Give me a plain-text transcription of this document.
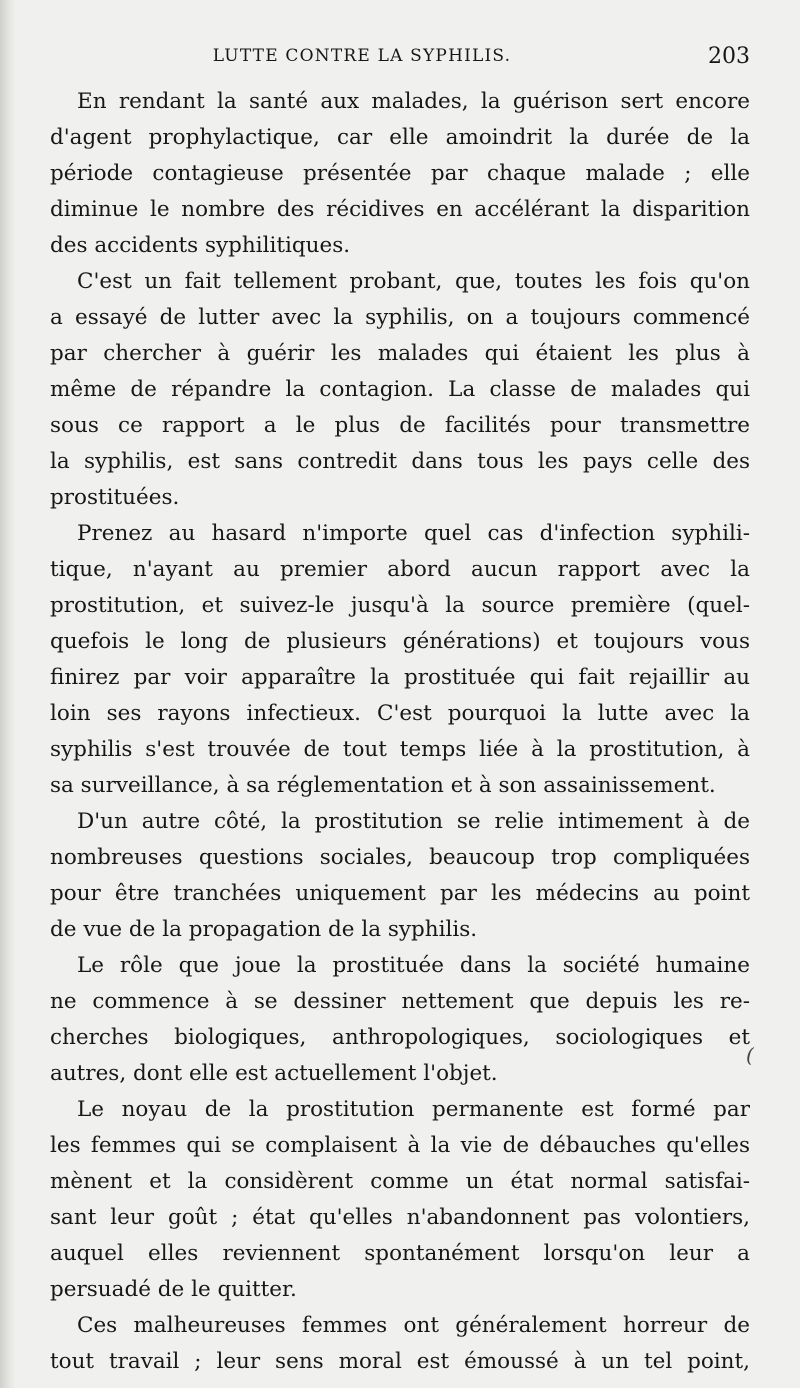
LUTTE CONTRE LA SYPHILIS.	203
En rendant la santé aux malades, la guérison sert encore
d'agent prophylactique, car elle amoindrit la durée de la
période contagieuse présentée par chaque malade ; elle
diminue le nombre des récidives en accélérant la disparition
des accidents syphilitiques.
C'est un fait tellement probant, que, toutes les fois qu'on
a essayé de lutter avec la syphilis, on a toujours commencé
par chercher à guérir les malades qui étaient les plus à
même de répandre la contagion. La classe de malades qui
sous ce rapport a le plus de facilités pour transmettre
la syphilis, est sans contredit dans tous les pays celle des
prostituées.
Prenez au hasard n'importe quel cas d'infection syphili-
tique, n'ayant au premier abord aucun rapport avec la
prostitution, et suivez-le jusqu'à la source première (quel-
quefois le long de plusieurs générations) et toujours vous
finirez par voir apparaître la prostituée qui fait rejaillir au
loin ses rayons infectieux. C'est pourquoi la lutte avec la
syphilis s'est trouvée de tout temps liée à la prostitution, à
sa surveillance, à sa réglementation et à son assainissement.
D'un autre côté, la prostitution se relie intimement à de
nombreuses questions sociales, beaucoup trop compliquées
pour être tranchées uniquement par les médecins au point
de vue de la propagation de la syphilis.
Le rôle que joue la prostituée dans la société humaine
ne commence à se dessiner nettement que depuis les re-
cherches biologiques, anthropologiques, sociologiques et
autres, dont elle est actuellement l'objet.
Le noyau de la prostitution permanente est formé par
les femmes qui se complaisent à la vie de débauches qu'elles
mènent et la considèrent comme un état normal satisfai-
sant leur goût ; état qu'elles n'abandonnent pas volontiers,
auquel elles reviennent spontanément lorsqu'on leur a
persuadé de le quitter.
Ces malheureuses femmes ont généralement horreur de
tout travail ; leur sens moral est émoussé à un tel point,
(
